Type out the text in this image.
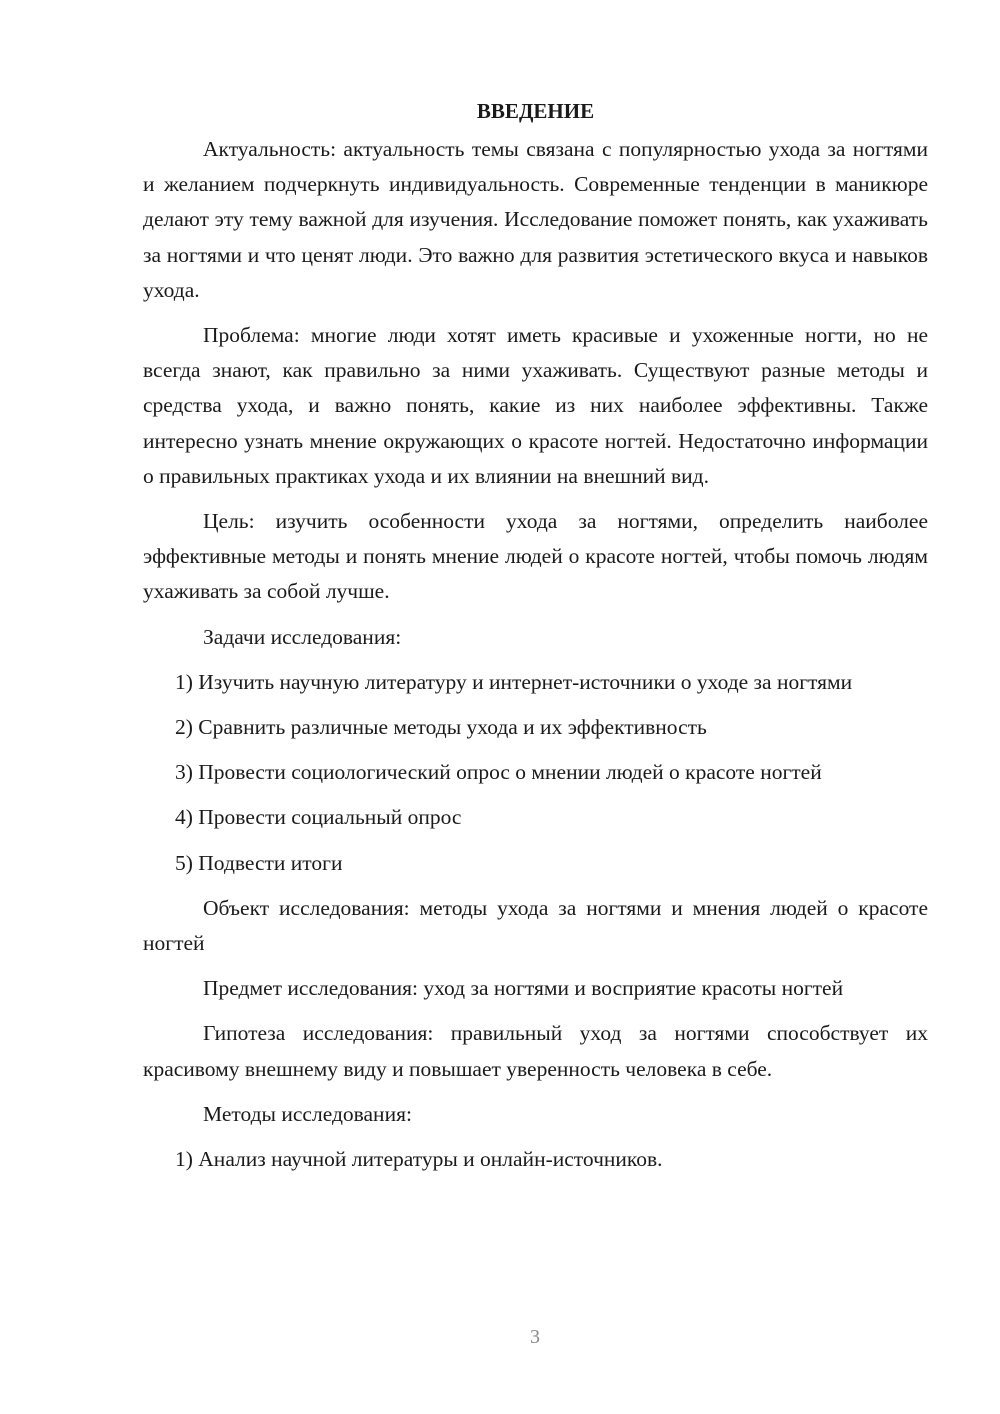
ВВЕДЕНИЕ

Актуальность: актуальность темы связана с популярностью ухода за ногтями и желанием подчеркнуть индивидуальность. Современные тенденции в маникюре делают эту тему важной для изучения. Исследование поможет понять, как ухаживать за ногтями и что ценят люди. Это важно для развития эстетического вкуса и навыков ухода.

Проблема: многие люди хотят иметь красивые и ухоженные ногти, но не всегда знают, как правильно за ними ухаживать. Существуют разные методы и средства ухода, и важно понять, какие из них наиболее эффективны. Также интересно узнать мнение окружающих о красоте ногтей. Недостаточно информации о правильных практиках ухода и их влиянии на внешний вид.

Цель: изучить особенности ухода за ногтями, определить наиболее эффективные методы и понять мнение людей о красоте ногтей, чтобы помочь людям ухаживать за собой лучше.

Задачи исследования:

1) Изучить научную литературу и интернет-источники о уходе за ногтями

2) Сравнить различные методы ухода и их эффективность

3) Провести социологический опрос о мнении людей о красоте ногтей

4) Провести социальный опрос

5) Подвести итоги

Объект исследования: методы ухода за ногтями и мнения людей о красоте ногтей

Предмет исследования: уход за ногтями и восприятие красоты ногтей

Гипотеза исследования: правильный уход за ногтями способствует их красивому внешнему виду и повышает уверенность человека в себе.

Методы исследования:

1) Анализ научной литературы и онлайн-источников.

3
